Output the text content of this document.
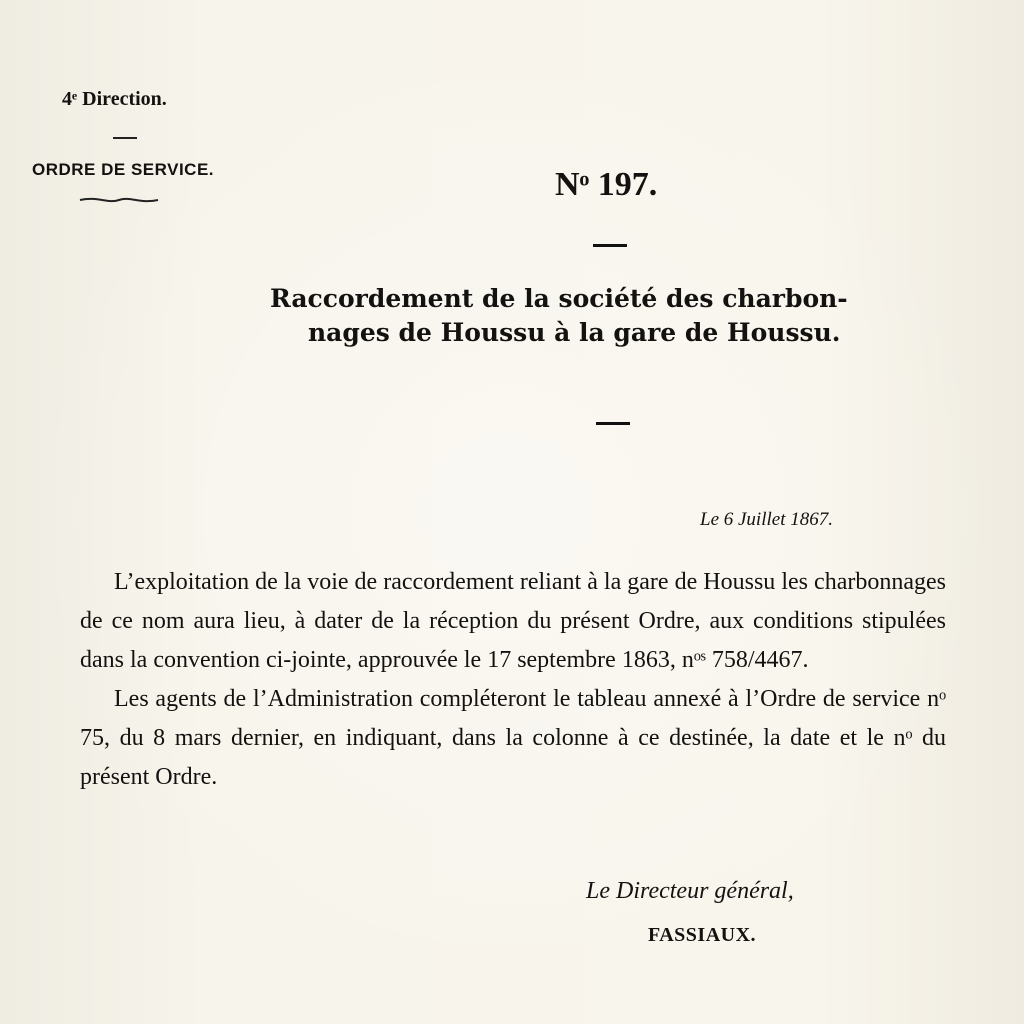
4ᵉ Direction.
ORDRE DE SERVICE.	Nᵒ 197.
Raccordement de la société des charbon-
nages de Houssu à la gare de Houssu.
Le 6 Juillet 1867.

L’exploitation de la voie de raccordement reliant à la gare de Houssu les charbonnages de ce nom aura lieu, à dater de la réception du présent Ordre, aux conditions stipulées dans la convention ci-jointe, approuvée le 17 septembre 1863, nᵒˢ 758/4467.

Les agents de l’Administration compléteront le tableau annexé à l’Ordre de service nᵒ 75, du 8 mars dernier, en indiquant, dans la colonne à ce destinée, la date et le nᵒ du présent Ordre.

Le Directeur général,
FASSIAUX.
